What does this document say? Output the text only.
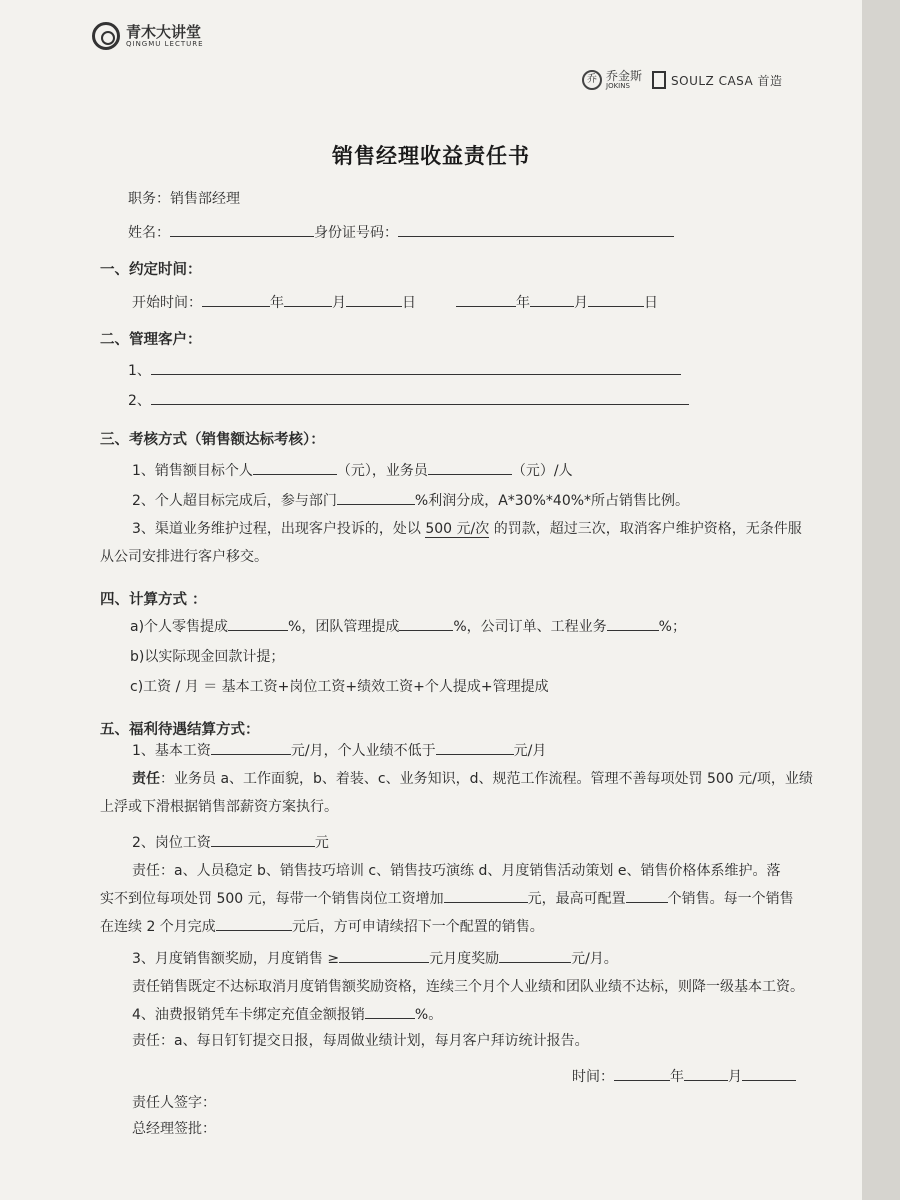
青木大讲堂
QINGMU LECTURE
乔 乔金斯
JOKINS	SOULZ CASA 首造
销售经理收益责任书
职务：销售部经理
姓名：	身份证号码：
一、约定时间：
开始时间：	年	月	日	年	月	日
二、管理客户：
1、
2、
三、考核方式（销售额达标考核）：
1、销售额目标个人	（元），业务员	（元）/人
2、个人超目标完成后，参与部门	%利润分成，A*30%*40%*所占销售比例。
3、渠道业务维护过程，出现客户投诉的，处以 500 元/次 的罚款，超过三次，取消客户维护资格，无条件服
从公司安排进行客户移交。
四、计算方式 ：
a)个人零售提成	%，团队管理提成	%，公司订单、工程业务	%；
b)以实际现金回款计提；
c)工资 / 月 ＝ 基本工资+岗位工资+绩效工资+个人提成+管理提成
五、福利待遇结算方式：
1、基本工资	元/月，个人业绩不低于	元/月
责任：业务员 a、工作面貌，b、着装、c、业务知识，d、规范工作流程。管理不善每项处罚 500 元/项，业绩
上浮或下滑根据销售部薪资方案执行。
2、岗位工资	元
责任：a、人员稳定 b、销售技巧培训 c、销售技巧演练 d、月度销售活动策划 e、销售价格体系维护。落
实不到位每项处罚 500 元，每带一个销售岗位工资增加	元，最高可配置	个销售。每一个销售
在连续 2 个月完成	元后，方可申请续招下一个配置的销售。
3、月度销售额奖励，月度销售 ≥	元月度奖励	元/月。
责任销售既定不达标取消月度销售额奖励资格，连续三个月个人业绩和团队业绩不达标，则降一级基本工资。
4、油费报销凭车卡绑定充值金额报销	%。
责任：a、每日钉钉提交日报，每周做业绩计划，每月客户拜访统计报告。
时间：	年	月
责任人签字：
总经理签批：
